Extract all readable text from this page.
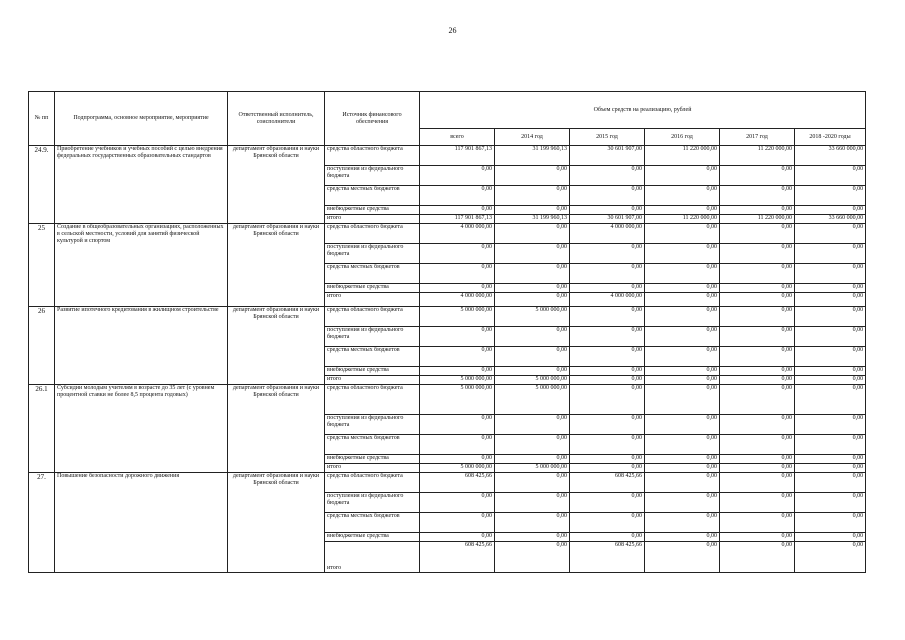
26
№ пп	Подпрограмма, основное мероприятие, мероприятие	Ответственный исполнитель, соисполнители	Источник финансового обеспечения	Объем средств на реализацию, рублей					
				всего	2014 год	2015 год	2016 год	2017 год	2018 -2020 годы
24.9.	Приобретение учебников и учебных пособий с целью внедрения федеральных государственных образовательных стандартов	департамент образования и науки Брянской области	средства областного бюджета	117 901 867,13	31 199 960,13	30 601 907,00	11 220 000,00	11 220 000,00	33 660 000,00
			поступления из федерального бюджета	0,00	0,00	0,00	0,00	0,00	0,00
			средства местных бюджетов	0,00	0,00	0,00	0,00	0,00	0,00
			внебюджетные средства	0,00	0,00	0,00	0,00	0,00	0,00
			итого	117 901 867,13	31 199 960,13	30 601 907,00	11 220 000,00	11 220 000,00	33 660 000,00
25	Создание в общеобразовательных организациях, расположенных в сельской местности, условий для занятий физической культурой и спортом	департамент образования и науки Брянской области	средства областного бюджета	4 000 000,00	0,00	4 000 000,00	0,00	0,00	0,00
			поступления из федерального бюджета	0,00	0,00	0,00	0,00	0,00	0,00
			средства местных бюджетов	0,00	0,00	0,00	0,00	0,00	0,00
			внебюджетные средства	0,00	0,00	0,00	0,00	0,00	0,00
			итого	4 000 000,00	0,00	4 000 000,00	0,00	0,00	0,00
26	Развитие ипотечного кредитования в жилищном строительстве	департамент образования и науки Брянской области	средства областного бюджета	5 000 000,00	5 000 000,00	0,00	0,00	0,00	0,00
			поступления из федерального бюджета	0,00	0,00	0,00	0,00	0,00	0,00
			средства местных бюджетов	0,00	0,00	0,00	0,00	0,00	0,00
			внебюджетные средства	0,00	0,00	0,00	0,00	0,00	0,00
			итого	5 000 000,00	5 000 000,00	0,00	0,00	0,00	0,00
26.1	Субсидии молодым учителям в возрасте до 35 лет (с уровнем процентной ставки не более 8,5 процента годовых)	департамент образования и науки Брянской области	средства областного бюджета	5 000 000,00	5 000 000,00	0,00	0,00	0,00	0,00
			поступления из федерального бюджета	0,00	0,00	0,00	0,00	0,00	0,00
			средства местных бюджетов	0,00	0,00	0,00	0,00	0,00	0,00
			внебюджетные средства	0,00	0,00	0,00	0,00	0,00	0,00
			итого	5 000 000,00	5 000 000,00	0,00	0,00	0,00	0,00
27.	Повышение безопасности дорожного движения	департамент образования и науки Брянской области	средства областного бюджета	608 425,66	0,00	608 425,66	0,00	0,00	0,00
			поступления из федерального бюджета	0,00	0,00	0,00	0,00	0,00	0,00
			средства местных бюджетов	0,00	0,00	0,00	0,00	0,00	0,00
			внебюджетные средства	0,00	0,00	0,00	0,00	0,00	0,00
			итого	608 425,66	0,00	608 425,66	0,00	0,00	0,00
